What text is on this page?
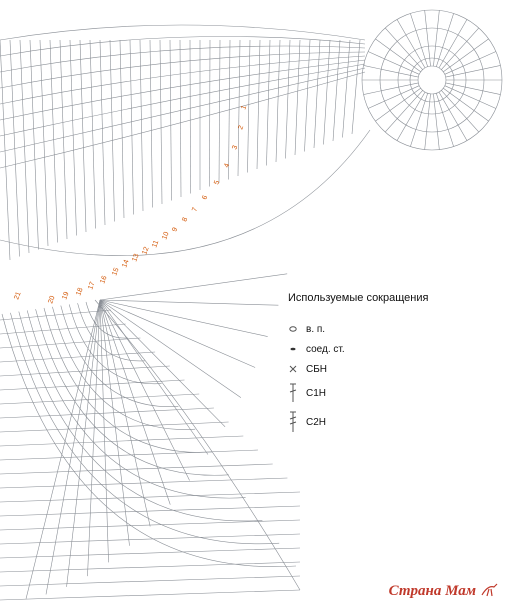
1
2
3
4
5
6
7
8
9
10
11
12
13
14
15
16
17
18
19
20
21	Используемые сокращения
в. п.
соед. ст.
СБН
С1Н
С2Н
Страна Мам
